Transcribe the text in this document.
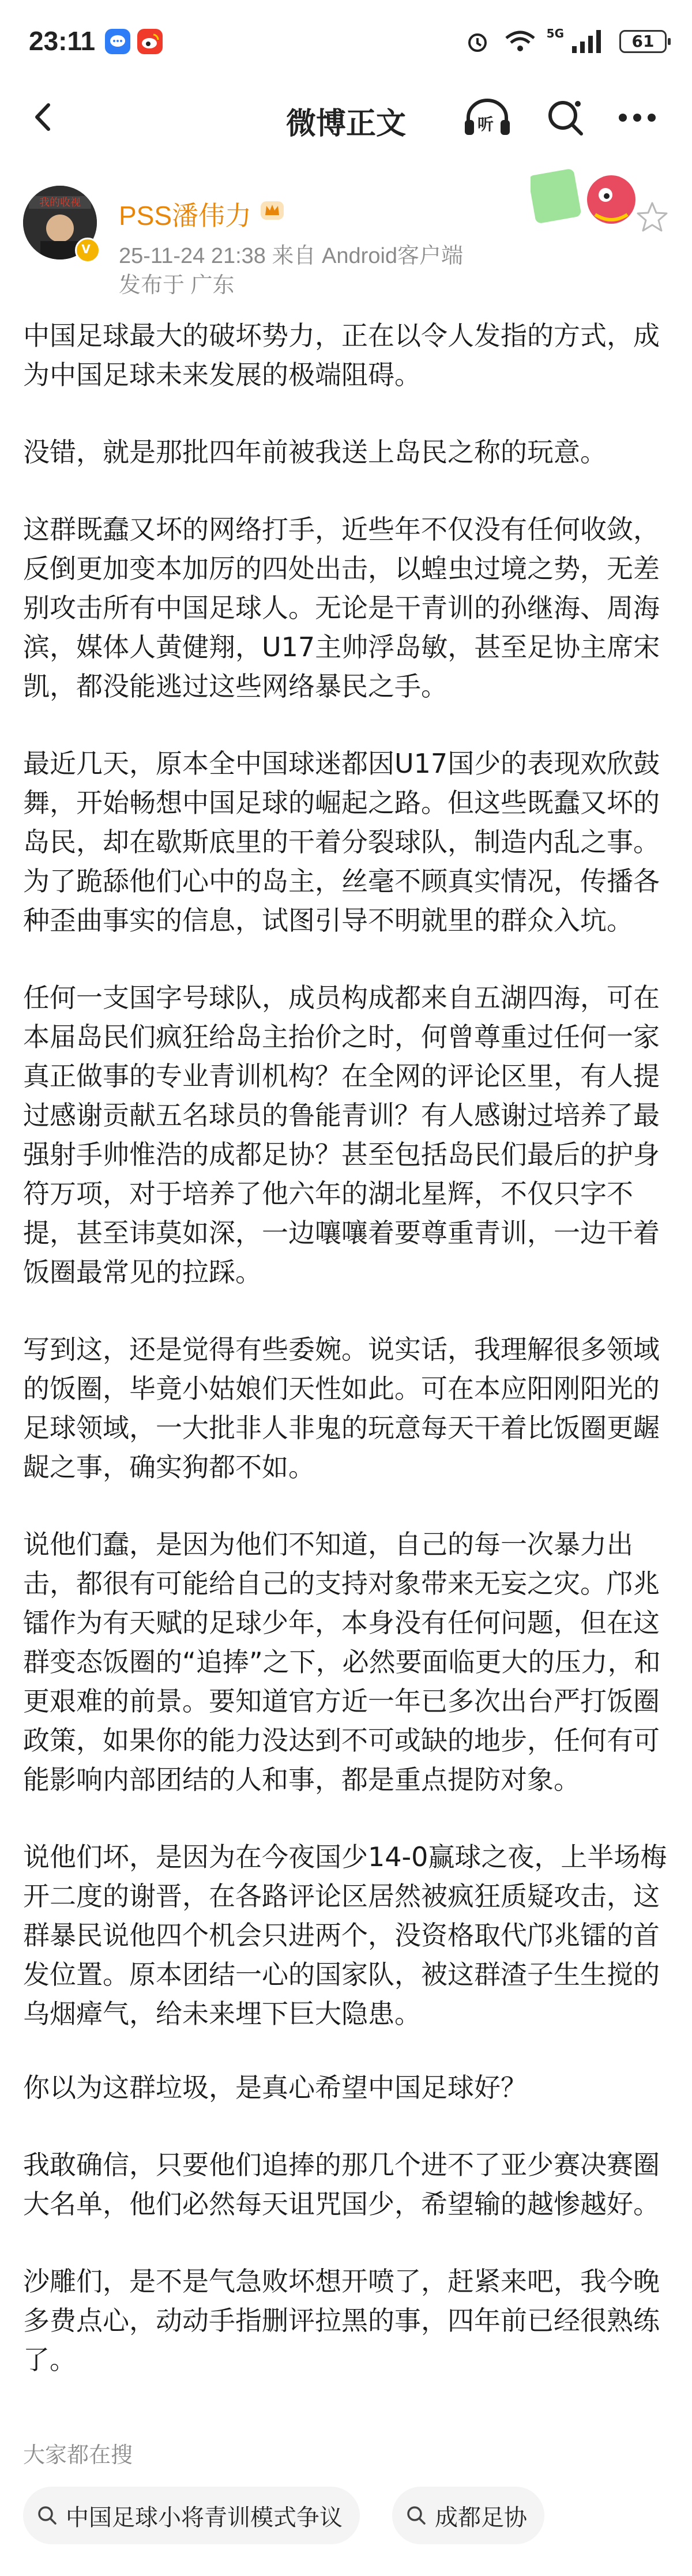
23:11	5G	61
微博正文	听
我的收视
V
PSS潘伟力
25-11-24 21:38 来自 Android客户端
发布于 广东

中国足球最大的破坏势力，正在以令人发指的方式，成为中国足球未来发展的极端阻碍。

没错，就是那批四年前被我送上岛民之称的玩意。

这群既蠢又坏的网络打手，近些年不仅没有任何收敛，反倒更加变本加厉的四处出击，以蝗虫过境之势，无差别攻击所有中国足球人。无论是干青训的孙继海、周海滨，媒体人黄健翔，U17主帅浮岛敏，甚至足协主席宋凯，都没能逃过这些网络暴民之手。

最近几天，原本全中国球迷都因U17国少的表现欢欣鼓舞，开始畅想中国足球的崛起之路。但这些既蠢又坏的岛民，却在歇斯底里的干着分裂球队，制造内乱之事。为了跪舔他们心中的岛主，丝毫不顾真实情况，传播各种歪曲事实的信息，试图引导不明就里的群众入坑。

任何一支国字号球队，成员构成都来自五湖四海，可在本届岛民们疯狂给岛主抬价之时，何曾尊重过任何一家真正做事的专业青训机构？在全网的评论区里，有人提过感谢贡献五名球员的鲁能青训？有人感谢过培养了最强射手帅惟浩的成都足协？甚至包括岛民们最后的护身符万项，对于培养了他六年的湖北星辉，不仅只字不提，甚至讳莫如深，一边嚷嚷着要尊重青训，一边干着饭圈最常见的拉踩。

写到这，还是觉得有些委婉。说实话，我理解很多领域的饭圈，毕竟小姑娘们天性如此。可在本应阳刚阳光的足球领域，一大批非人非鬼的玩意每天干着比饭圈更龌龊之事，确实狗都不如。

说他们蠢，是因为他们不知道，自己的每一次暴力出击，都很有可能给自己的支持对象带来无妄之灾。邝兆镭作为有天赋的足球少年，本身没有任何问题，但在这群变态饭圈的“追捧”之下，必然要面临更大的压力，和更艰难的前景。要知道官方近一年已多次出台严打饭圈政策，如果你的能力没达到不可或缺的地步，任何有可能影响内部团结的人和事，都是重点提防对象。

说他们坏，是因为在今夜国少14-0赢球之夜，上半场梅开二度的谢晋，在各路评论区居然被疯狂质疑攻击，这群暴民说他四个机会只进两个，没资格取代邝兆镭的首发位置。原本团结一心的国家队，被这群渣子生生搅的乌烟瘴气，给未来埋下巨大隐患。

你以为这群垃圾，是真心希望中国足球好？

我敢确信，只要他们追捧的那几个进不了亚少赛决赛圈大名单，他们必然每天诅咒国少，希望输的越惨越好。

沙雕们，是不是气急败坏想开喷了，赶紧来吧，我今晚多费点心，动动手指删评拉黑的事，四年前已经很熟练了。

大家都在搜
中国足球小将青训模式争议	成都足协
